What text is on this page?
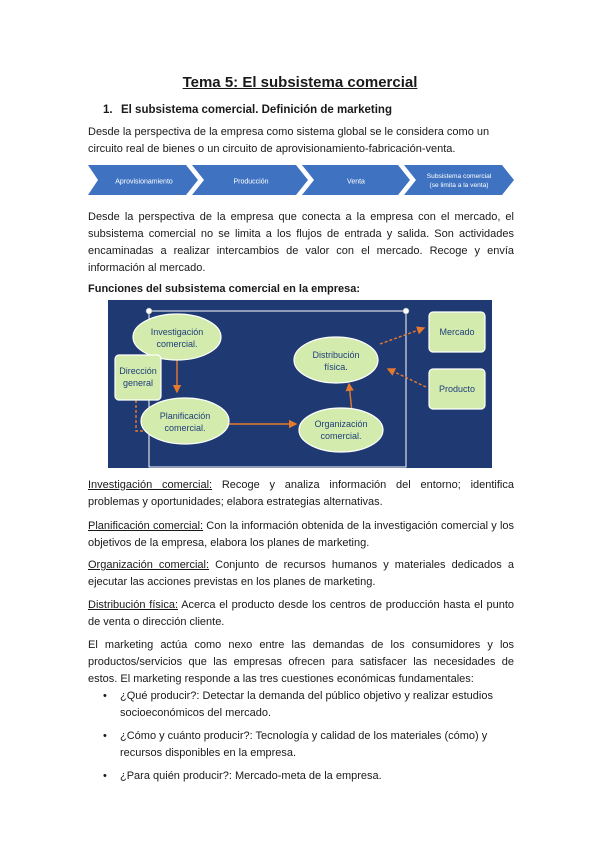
Tema 5: El subsistema comercial
1. El subsistema comercial. Definición de marketing
Desde la perspectiva de la empresa como sistema global se le considera como un circuito real de bienes o un circuito de aprovisionamiento-fabricación-venta.
Aprovisionamiento	Producción	Venta
Subsistema comercial
(se limita a la venta)
Desde la perspectiva de la empresa que conecta a la empresa con el mercado, el subsistema comercial no se limita a los flujos de entrada y salida. Son actividades encaminadas a realizar intercambios de valor con el mercado. Recoge y envía información al mercado.
Funciones del subsistema comercial en la empresa:
Investigación
comercial.
Dirección
general
Planificación
comercial.	Organización
comercial.
Distribución
física.
Mercado
Producto
Investigación comercial: Recoge y analiza información del entorno; identifica problemas y oportunidades; elabora estrategias alternativas.
Planificación comercial: Con la información obtenida de la investigación comercial y los objetivos de la empresa, elabora los planes de marketing.
Organización comercial: Conjunto de recursos humanos y materiales dedicados a ejecutar las acciones previstas en los planes de marketing.
Distribución física: Acerca el producto desde los centros de producción hasta el punto de venta o dirección cliente.
El marketing actúa como nexo entre las demandas de los consumidores y los productos/servicios que las empresas ofrecen para satisfacer las necesidades de estos. El marketing responde a las tres cuestiones económicas fundamentales:
• ¿Qué producir?: Detectar la demanda del público objetivo y realizar estudios socioeconómicos del mercado.
• ¿Cómo y cuánto producir?: Tecnología y calidad de los materiales (cómo) y recursos disponibles en la empresa.
• ¿Para quién producir?: Mercado-meta de la empresa.
